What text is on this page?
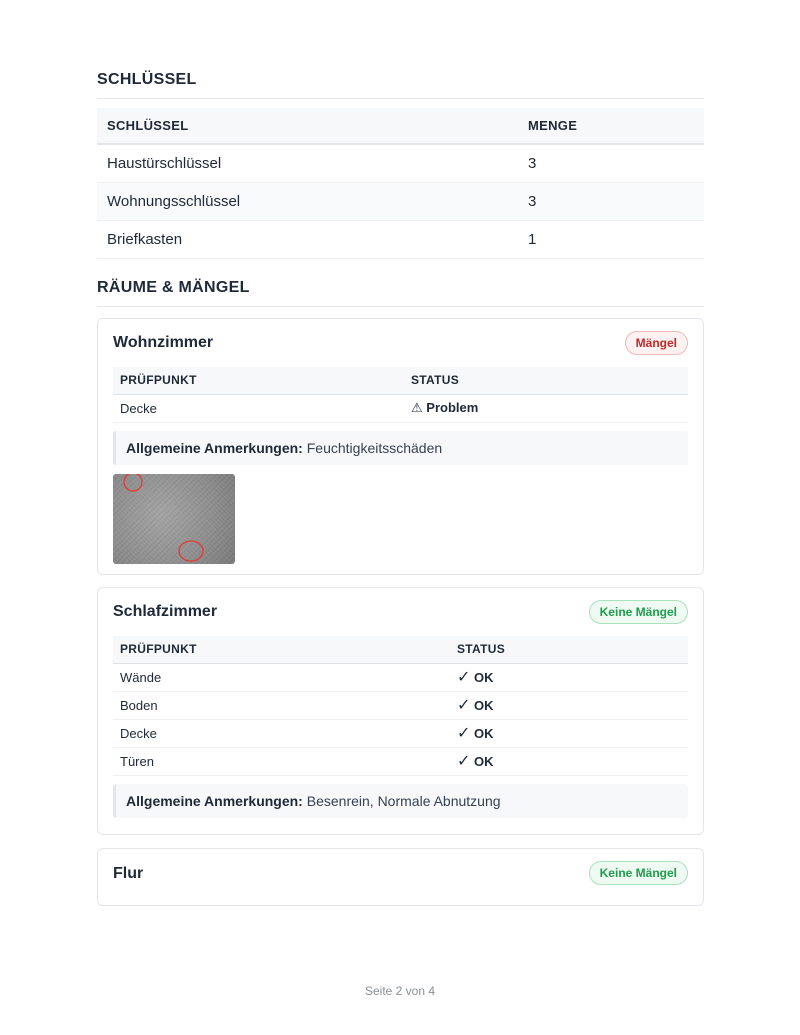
SCHLÜSSEL
SCHLÜSSEL	MENGE
Haustürschlüssel	3
Wohnungsschlüssel	3
Briefkasten	1
RÄUME & MÄNGEL
Wohnzimmer	Mängel
PRÜFPUNKT	STATUS
Decke	⚠ Problem
Allgemeine Anmerkungen: Feuchtigkeitsschäden
Schlafzimmer	Keine Mängel
PRÜFPUNKT	STATUS
Wände	✓ OK
Boden	✓ OK
Decke	✓ OK
Türen	✓ OK
Allgemeine Anmerkungen: Besenrein, Normale Abnutzung
Flur	Keine Mängel
Seite 2 von 4
